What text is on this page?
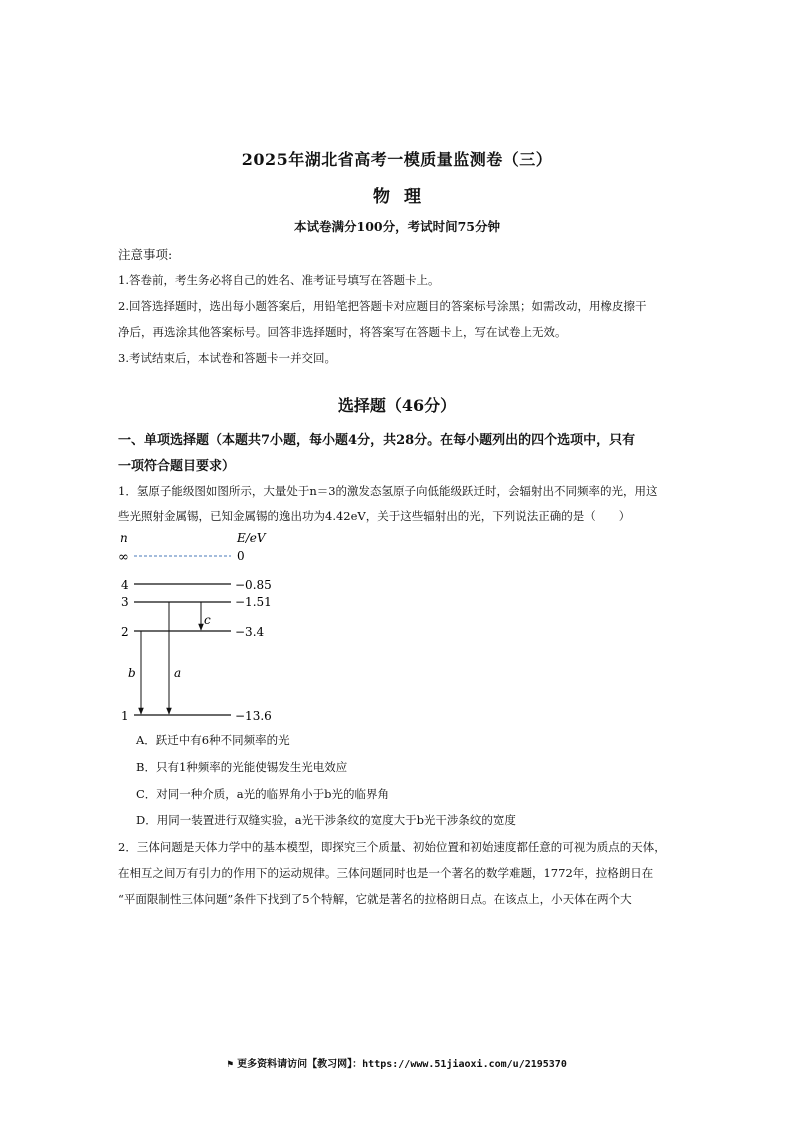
2025年湖北省高考一模质量监测卷（三）
物理
本试卷满分100分，考试时间75分钟
注意事项:
1.答卷前，考生务必将自己的姓名、准考证号填写在答题卡上。
2.回答选择题时，选出每小题答案后，用铅笔把答题卡对应题目的答案标号涂黑；如需改动，用橡皮擦干
净后，再选涂其他答案标号。回答非选择题时，将答案写在答题卡上，写在试卷上无效。
3.考试结束后，本试卷和答题卡一并交回。
选择题（46分）
一、单项选择题（本题共7小题，每小题4分，共28分。在每小题列出的四个选项中，只有
一项符合题目要求）
1．氢原子能级图如图所示，大量处于n＝3的激发态氢原子向低能级跃迁时，会辐射出不同频率的光，用这
些光照射金属锡，已知金属锡的逸出功为4.42eV，关于这些辐射出的光，下列说法正确的是（　　）
n	E/eV
∞	0
4	−0.85
3	−1.51
2	−3.4
1	−13.6
b	a
c
A．跃迁中有6种不同频率的光
B．只有1种频率的光能使锡发生光电效应
C．对同一种介质，a光的临界角小于b光的临界角
D．用同一装置进行双缝实验，a光干涉条纹的宽度大于b光干涉条纹的宽度
2．三体问题是天体力学中的基本模型，即探究三个质量、初始位置和初始速度都任意的可视为质点的天体，
在相互之间万有引力的作用下的运动规律。三体问题同时也是一个著名的数学难题，1772年，拉格朗日在
“平面限制性三体问题”条件下找到了5个特解，它就是著名的拉格朗日点。在该点上，小天体在两个大
⚑ 更多资料请访问【教习网】：https://www.51jiaoxi.com/u/2195370
